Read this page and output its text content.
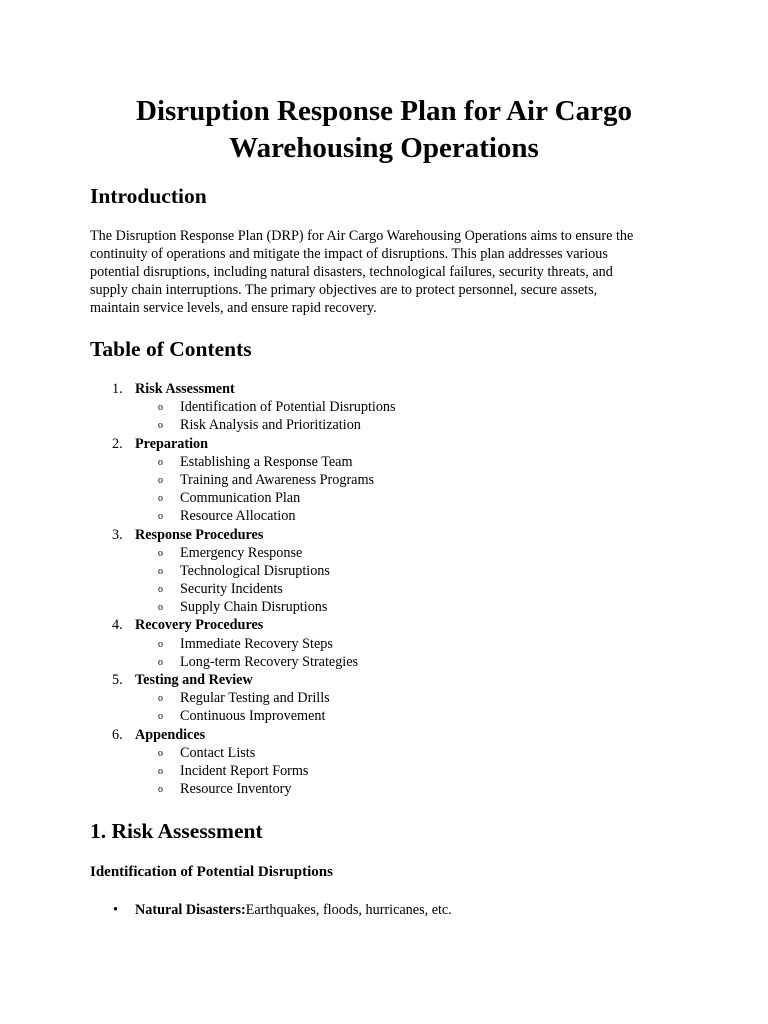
Disruption Response Plan for Air Cargo
Warehousing Operations
Introduction
The Disruption Response Plan (DRP) for Air Cargo Warehousing Operations aims to ensure the
continuity of operations and mitigate the impact of disruptions. This plan addresses various
potential disruptions, including natural disasters, technological failures, security threats, and
supply chain interruptions. The primary objectives are to protect personnel, secure assets,
maintain service levels, and ensure rapid recovery.
Table of Contents
1. Risk Assessment
o Identification of Potential Disruptions
o Risk Analysis and Prioritization
2. Preparation
o Establishing a Response Team
o Training and Awareness Programs
o Communication Plan
o Resource Allocation
3. Response Procedures
o Emergency Response
o Technological Disruptions
o Security Incidents
o Supply Chain Disruptions
4. Recovery Procedures
o Immediate Recovery Steps
o Long-term Recovery Strategies
5. Testing and Review
o Regular Testing and Drills
o Continuous Improvement
6. Appendices
o Contact Lists
o Incident Report Forms
o Resource Inventory
1. Risk Assessment
Identification of Potential Disruptions
• Natural Disasters: Earthquakes, floods, hurricanes, etc.
